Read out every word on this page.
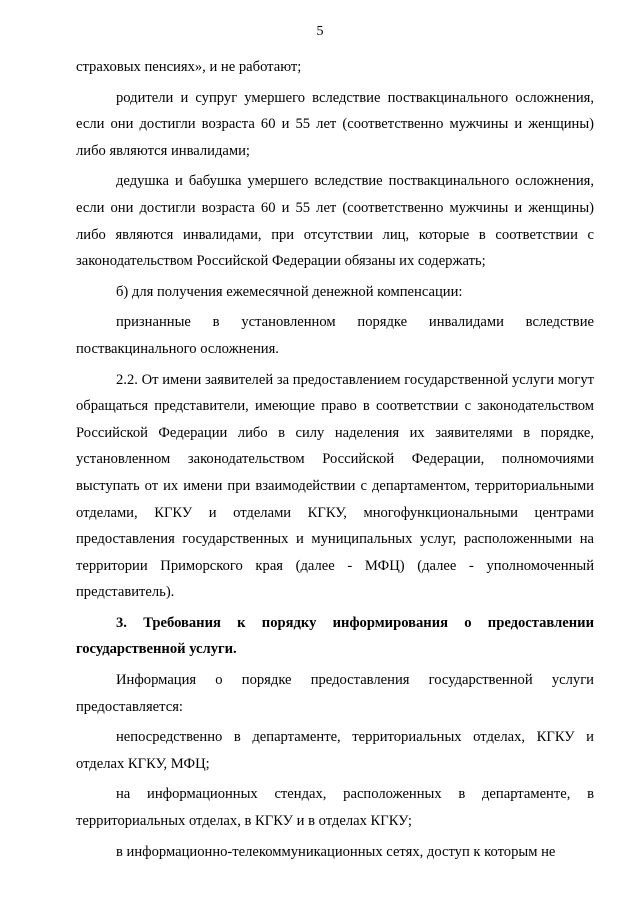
5

страховых пенсиях», и не работают;

родители и супруг умершего вследствие поствакцинального осложнения, если они достигли возраста 60 и 55 лет (соответственно мужчины и женщины) либо являются инвалидами;

дедушка и бабушка умершего вследствие поствакцинального осложнения, если они достигли возраста 60 и 55 лет (соответственно мужчины и женщины) либо являются инвалидами, при отсутствии лиц, которые в соответствии с законодательством Российской Федерации обязаны их содержать;

б) для получения ежемесячной денежной компенсации:

признанные в установленном порядке инвалидами вследствие поствакцинального осложнения.

2.2. От имени заявителей за предоставлением государственной услуги могут обращаться представители, имеющие право в соответствии с законодательством Российской Федерации либо в силу наделения их заявителями в порядке, установленном законодательством Российской Федерации, полномочиями выступать от их имени при взаимодействии с департаментом, территориальными отделами, КГКУ и отделами КГКУ, многофункциональными центрами предоставления государственных и муниципальных услуг, расположенными на территории Приморского края (далее - МФЦ) (далее - уполномоченный представитель).

3. Требования к порядку информирования о предоставлении государственной услуги.

Информация о порядке предоставления государственной услуги предоставляется:

непосредственно в департаменте, территориальных отделах, КГКУ и отделах КГКУ, МФЦ;

на информационных стендах, расположенных в департаменте, в территориальных отделах, в КГКУ и в отделах КГКУ;

в информационно-телекоммуникационных сетях, доступ к которым не
